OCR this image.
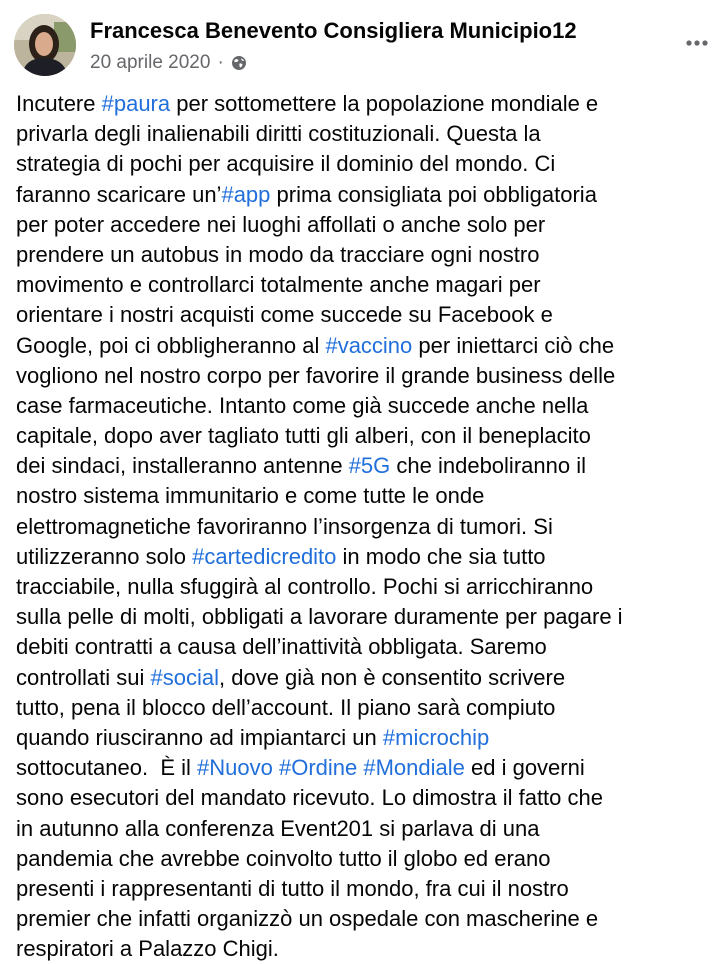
Francesca Benevento Consigliera Municipio12
20 aprile 2020 ·
Incutere #paura per sottomettere la popolazione mondiale e
privarla degli inalienabili diritti costituzionali. Questa la
strategia di pochi per acquisire il dominio del mondo. Ci
faranno scaricare un’#app prima consigliata poi obbligatoria
per poter accedere nei luoghi affollati o anche solo per
prendere un autobus in modo da tracciare ogni nostro
movimento e controllarci totalmente anche magari per
orientare i nostri acquisti come succede su Facebook e
Google, poi ci obbligheranno al #vaccino per iniettarci ciò che
vogliono nel nostro corpo per favorire il grande business delle
case farmaceutiche. Intanto come già succede anche nella
capitale, dopo aver tagliato tutti gli alberi, con il beneplacito
dei sindaci, installeranno antenne #5G che indeboliranno il
nostro sistema immunitario e come tutte le onde
elettromagnetiche favoriranno l’insorgenza di tumori. Si
utilizzeranno solo #cartedicredito in modo che sia tutto
tracciabile, nulla sfuggirà al controllo. Pochi si arricchiranno
sulla pelle di molti, obbligati a lavorare duramente per pagare i
debiti contratti a causa dell’inattività obbligata. Saremo
controllati sui #social, dove già non è consentito scrivere
tutto, pena il blocco dell’account. Il piano sarà compiuto
quando riusciranno ad impiantarci un #microchip
sottocutaneo.  È il #Nuovo #Ordine #Mondiale ed i governi
sono esecutori del mandato ricevuto. Lo dimostra il fatto che
in autunno alla conferenza Event201 si parlava di una
pandemia che avrebbe coinvolto tutto il globo ed erano
presenti i rappresentanti di tutto il mondo, fra cui il nostro
premier che infatti organizzò un ospedale con mascherine e
respiratori a Palazzo Chigi.
